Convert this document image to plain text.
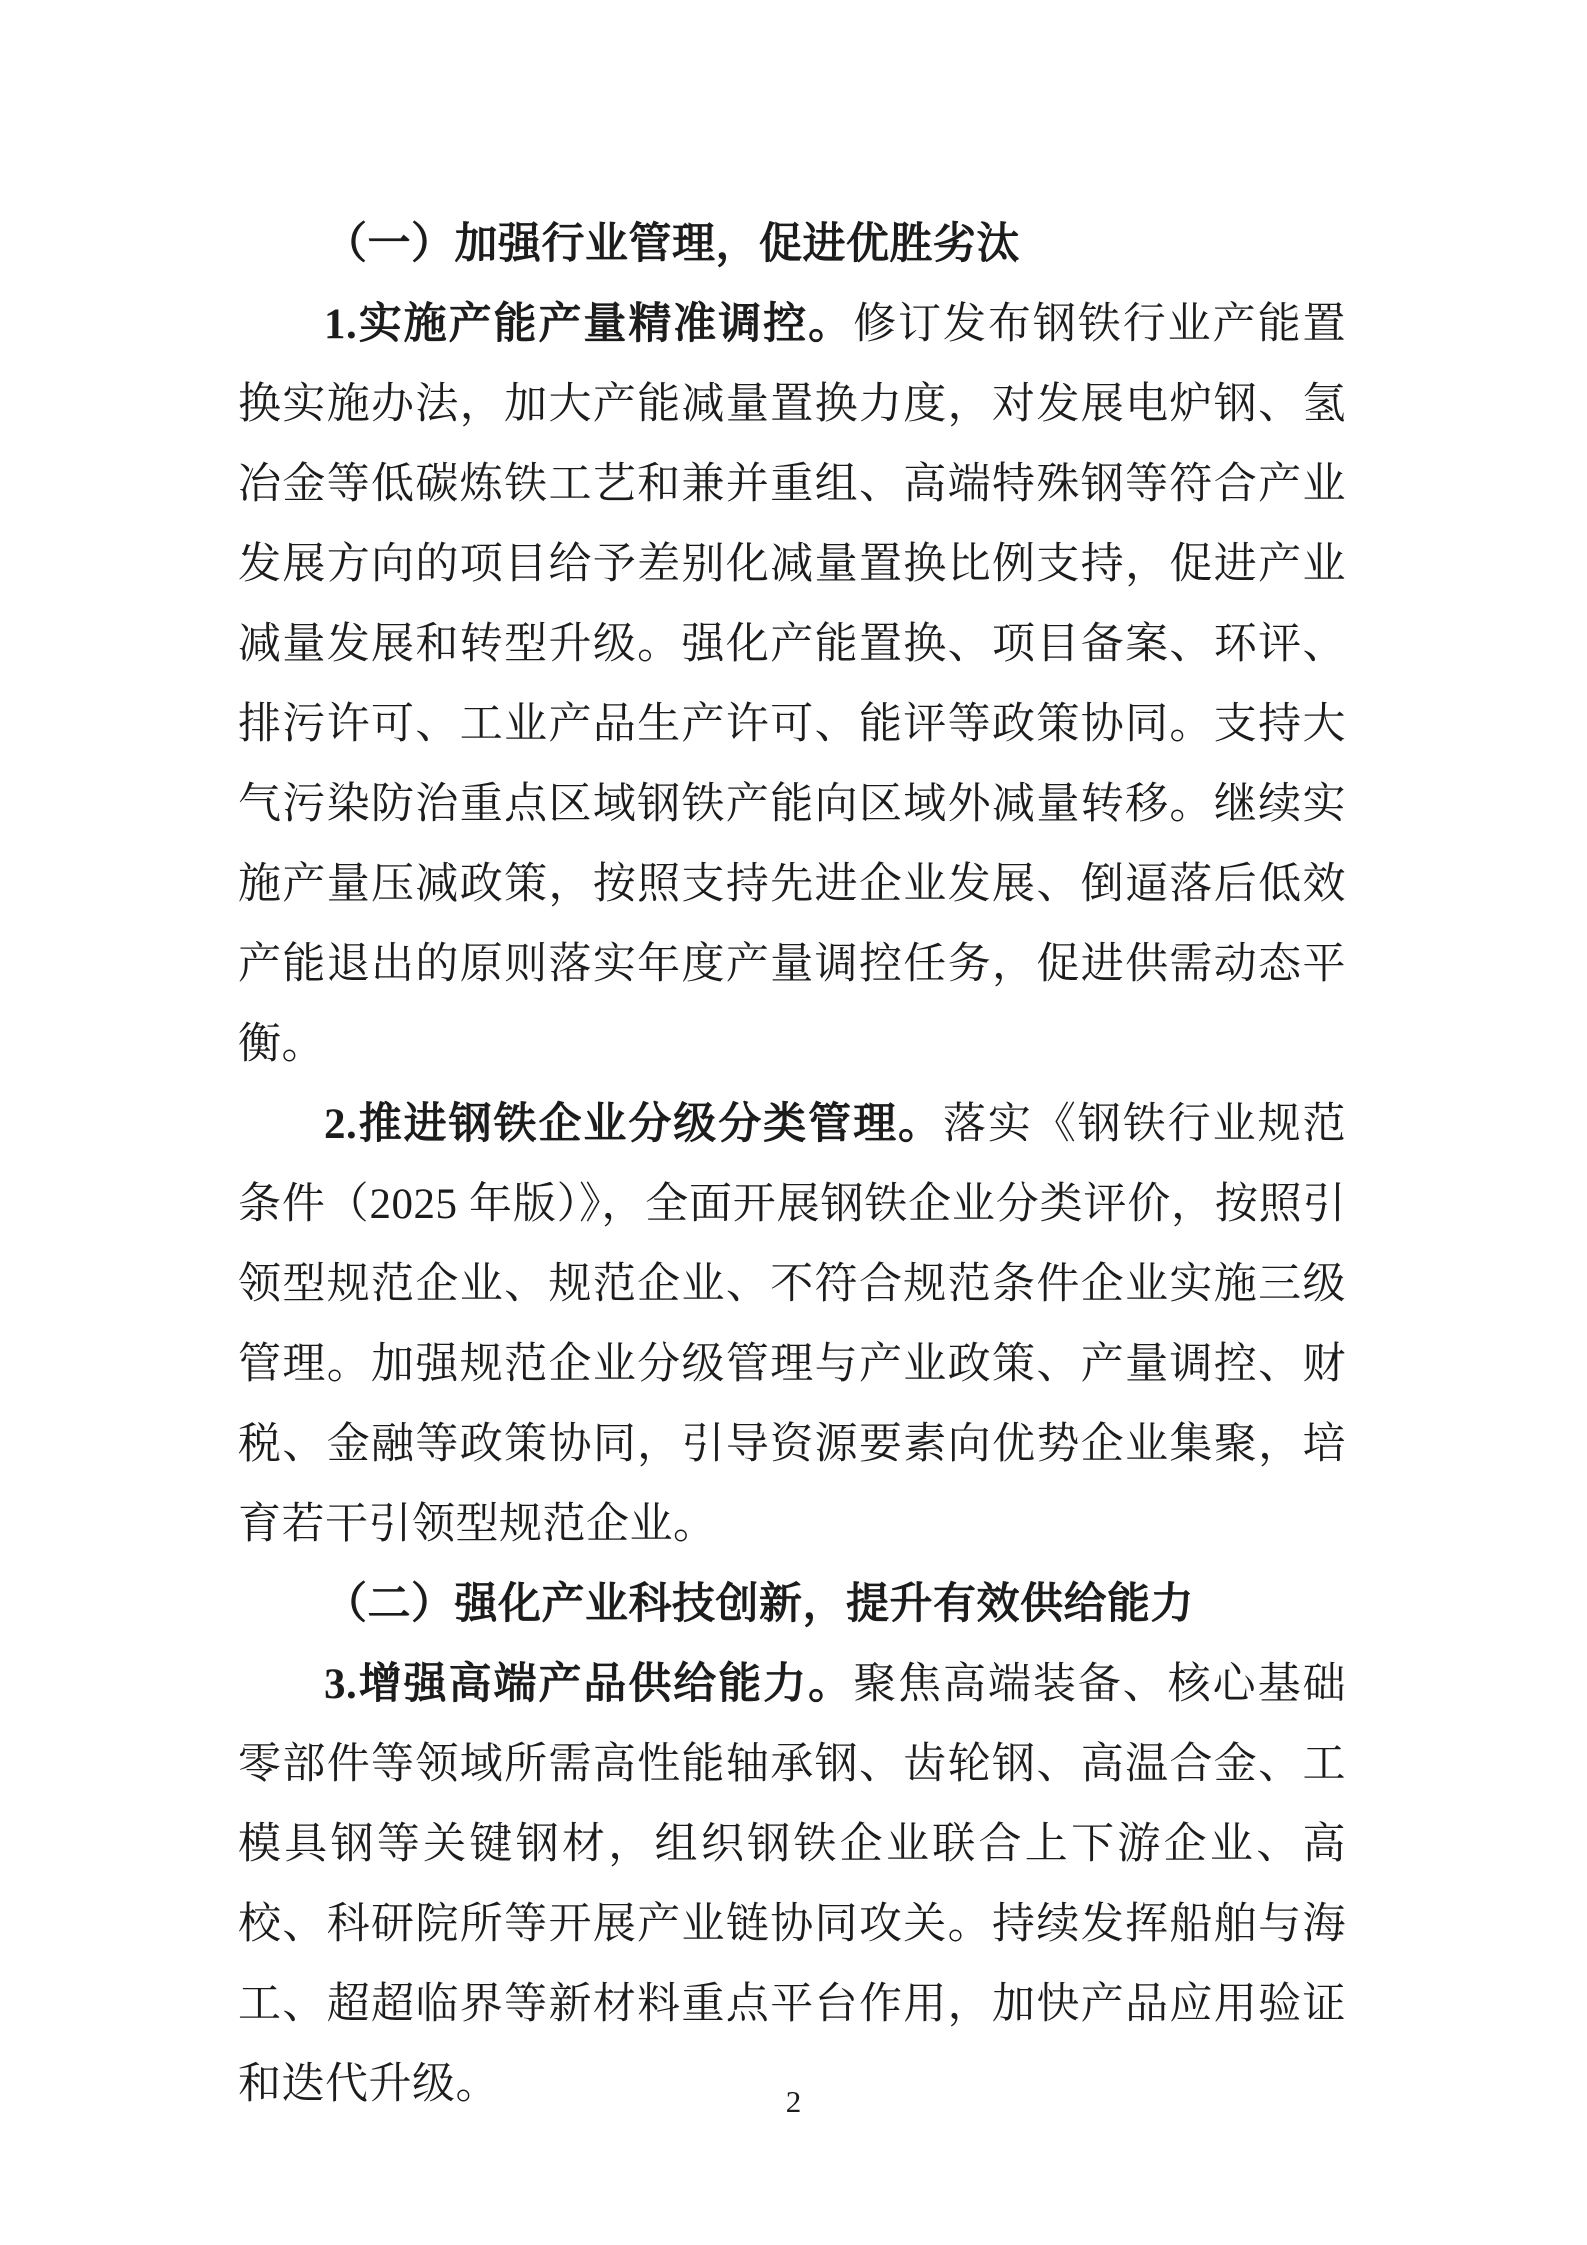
（一）加强行业管理，促进优胜劣汰

1.实施产能产量精准调控。修订发布钢铁行业产能置换实施办法，加大产能减量置换力度，对发展电炉钢、氢冶金等低碳炼铁工艺和兼并重组、高端特殊钢等符合产业发展方向的项目给予差别化减量置换比例支持，促进产业减量发展和转型升级。强化产能置换、项目备案、环评、排污许可、工业产品生产许可、能评等政策协同。支持大气污染防治重点区域钢铁产能向区域外减量转移。继续实施产量压减政策，按照支持先进企业发展、倒逼落后低效产能退出的原则落实年度产量调控任务，促进供需动态平衡。

2.推进钢铁企业分级分类管理。落实《钢铁行业规范条件（2025 年版）》，全面开展钢铁企业分类评价，按照引领型规范企业、规范企业、不符合规范条件企业实施三级管理。加强规范企业分级管理与产业政策、产量调控、财税、金融等政策协同，引导资源要素向优势企业集聚，培育若干引领型规范企业。

（二）强化产业科技创新，提升有效供给能力

3.增强高端产品供给能力。聚焦高端装备、核心基础零部件等领域所需高性能轴承钢、齿轮钢、高温合金、工模具钢等关键钢材，组织钢铁企业联合上下游企业、高校、科研院所等开展产业链协同攻关。持续发挥船舶与海工、超超临界等新材料重点平台作用，加快产品应用验证和迭代升级。	2
